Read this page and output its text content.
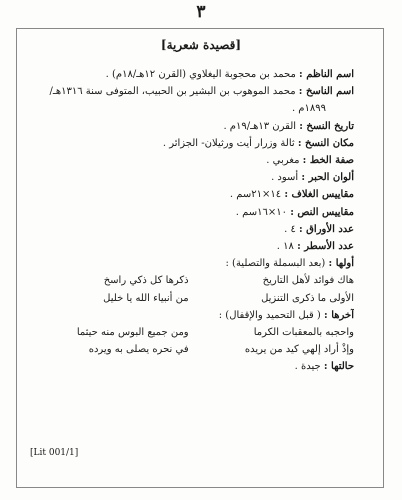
٣
[قصيدة شعرية]
اسم الناظم : محمد بن محجوبة اليغلاوي (القرن ١٢هـ/١٨م) .
اسم الناسخ : محمد الموهوب بن البشير بن الحبيب، المتوفى سنة ١٣١٦هـ/
١٨٩٩م .
تاريخ النسخ : القرن ١٣هـ/١٩م .
مكان النسخ : ثالة وزرار أيت ورثيلان- الجزائر .
صفة الخط : مغربي .
ألوان الحبر : أسود .
مقاييس الغلاف : ١٤×٢١سم .
مقاييس النص : ١٠×١٦سم .
عدد الأوراق : ٤ .
عدد الأسطر : ١٨ .
أولها : (بعد البسملة والتصلية) :
هاك فوائد لأهل التاريخ
ذكرها كل ذكي راسخ
الأولى ما ذكرى التنزيل
من أنبياء الله يا خليل
آخرها : ( قبل التحميد والإقفال) :
واحجبه بالمعقبات الكرما
ومن جميع البوس منه حيثما
وإذْ أراد إلهي كيد من يريده
في نحره يصلى به ويرده
حالتها : جيدة .
[Lit 001/1]
